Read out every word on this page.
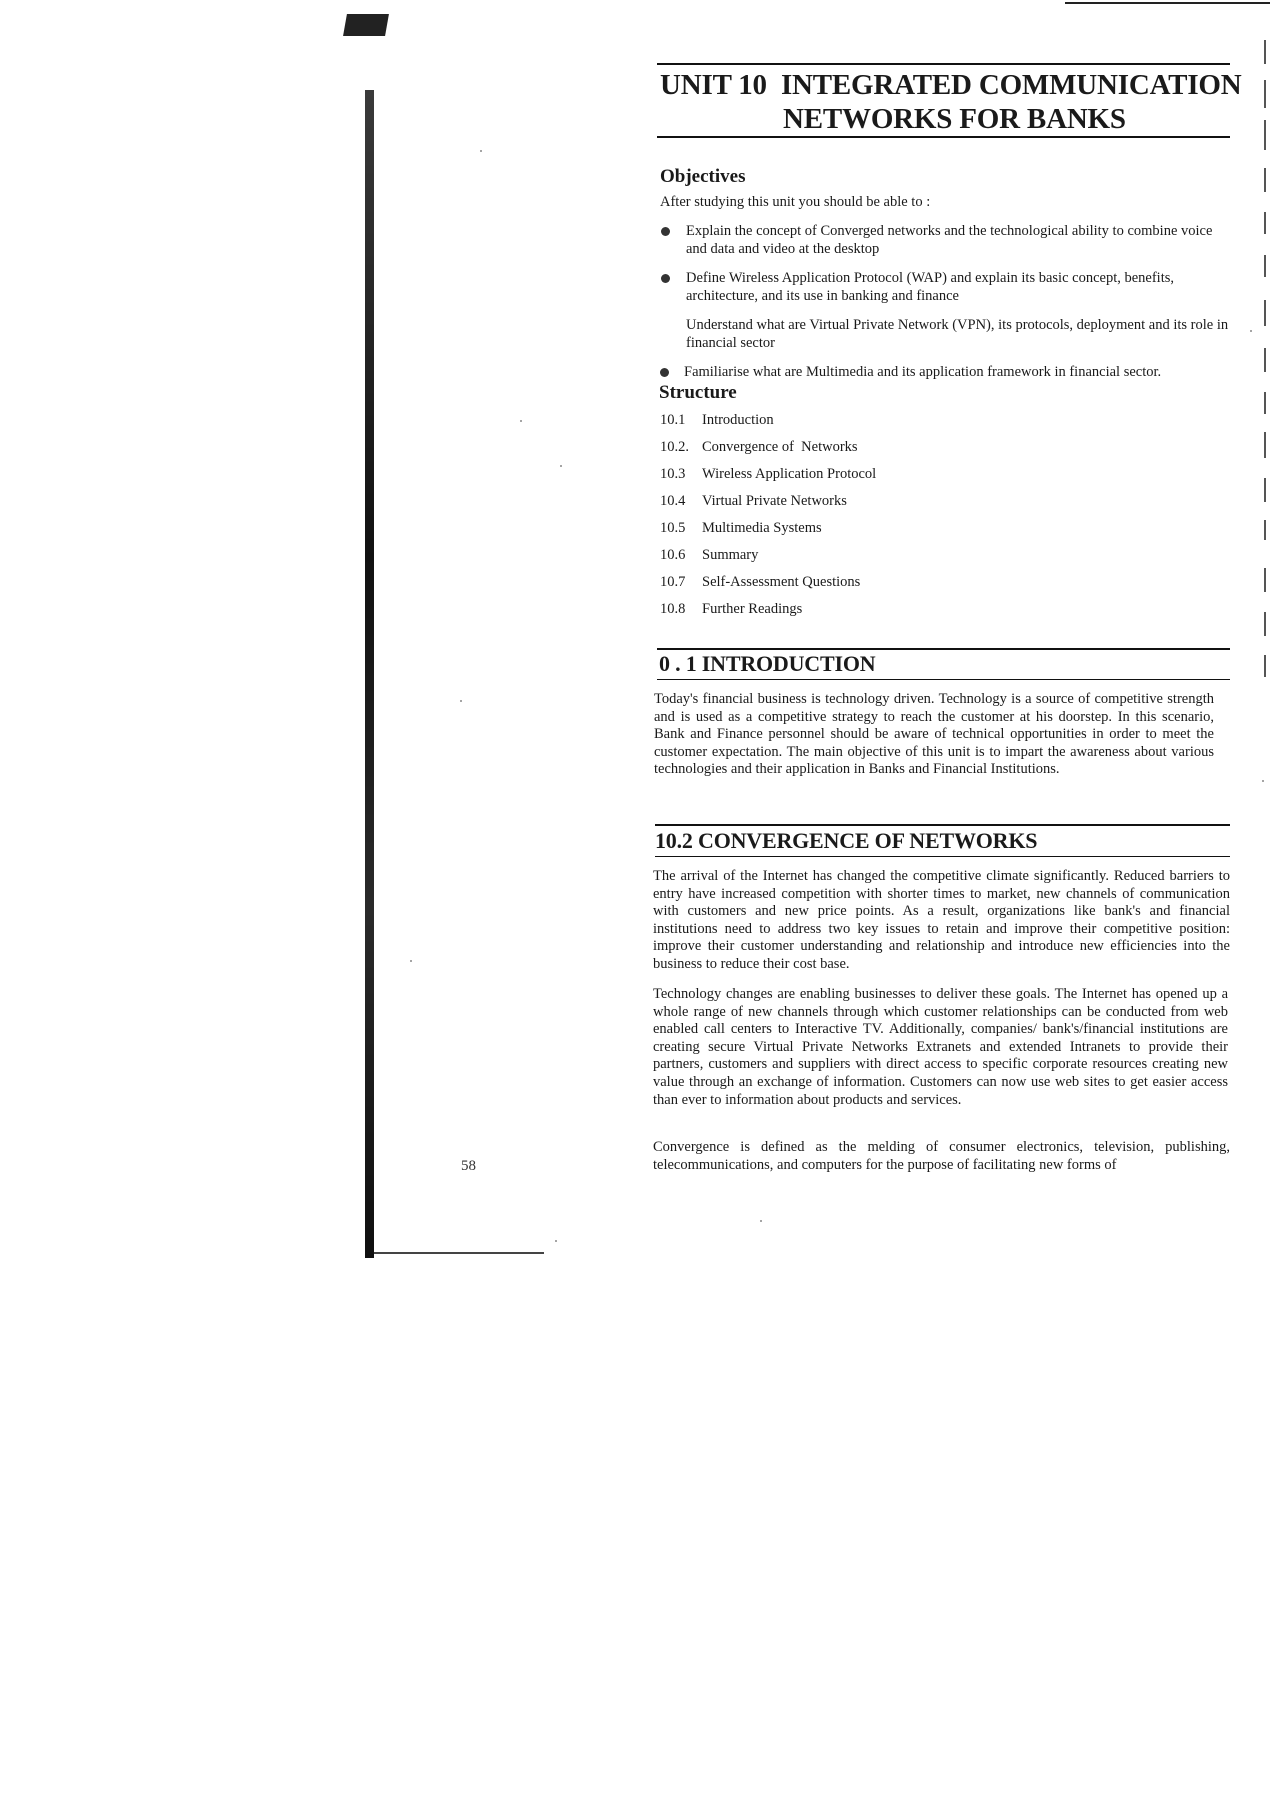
58
UNIT 10  INTEGRATED COMMUNICATION
NETWORKS FOR BANKS
Objectives
After studying this unit you should be able to :
Explain the concept of Converged networks and the technological ability to combine voice and data and video at the desktop
Define Wireless Application Protocol (WAP) and explain its basic concept, benefits, architecture, and its use in banking and finance
Understand what are Virtual Private Network (VPN), its protocols, deployment and its role in financial sector
Familiarise what are Multimedia and its application framework in financial sector.
Structure
10.1	Introduction
10.2. Convergence of  Networks
10.3	Wireless Application Protocol
10.4	Virtual Private Networks
10.5	Multimedia Systems
10.6	Summary
10.7	Self-Assessment Questions
10.8	Further Readings
0 . 1 INTRODUCTION
Today's financial business is technology driven. Technology is a source of competitive strength and is used as a competitive strategy to reach the customer at his doorstep. In this scenario, Bank and Finance personnel should be aware of technical opportunities in order to meet the customer expectation. The main objective of this unit is to impart the awareness about various technologies and their application in Banks and Financial Institutions.
10.2 CONVERGENCE OF NETWORKS
The arrival of the Internet has changed the competitive climate significantly. Reduced barriers to entry have increased competition with shorter times to market, new channels of communication with customers and new price points. As a result, organizations like bank's and financial institutions need to address two key issues to retain and improve their competitive position: improve their customer understanding and relationship and introduce new efficiencies into the business to reduce their cost base.
Technology changes are enabling businesses to deliver these goals. The Internet has opened up a whole range of new channels through which customer relationships can be conducted from web enabled call centers to Interactive TV. Additionally, companies/ bank's/financial institutions are creating secure Virtual Private Networks Extranets and extended Intranets to provide their partners, customers and suppliers with direct access to specific corporate resources creating new value through an exchange of information. Customers can now use web sites to get easier access than ever to information about products and services.
Convergence is defined as the melding of consumer electronics, television, publishing, telecommunications, and computers for the purpose of facilitating new forms of
